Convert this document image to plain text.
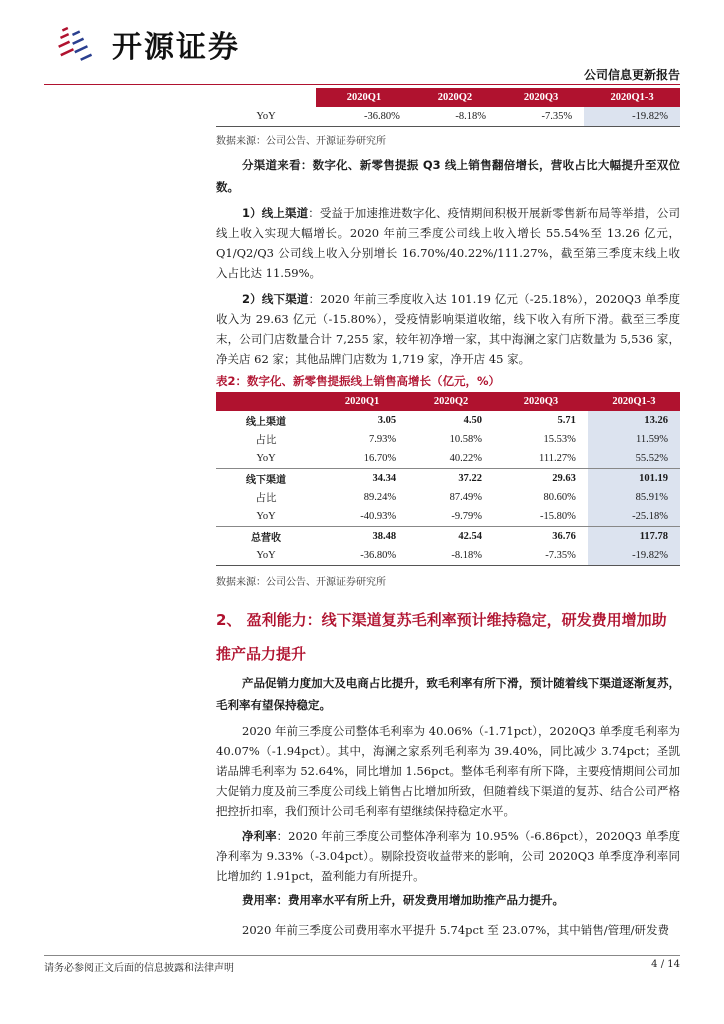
开源证券
公司信息更新报告
	2020Q1	2020Q2	2020Q3	2020Q1-3
YoY	-36.80%	-8.18%	-7.35%	-19.82%
数据来源：公司公告、开源证券研究所
分渠道来看：数字化、新零售提振 Q3 线上销售翻倍增长，营收占比大幅提升至双位数。
1）线上渠道：受益于加速推进数字化、疫情期间积极开展新零售新布局等举措，公司线上收入实现大幅增长。2020 年前三季度公司线上收入增长 55.54%至 13.26 亿元，Q1/Q2/Q3 公司线上收入分别增长 16.70%/40.22%/111.27%，截至第三季度末线上收入占比达 11.59%。
2）线下渠道：2020 年前三季度收入达 101.19 亿元（-25.18%），2020Q3 单季度收入为 29.63 亿元（-15.80%），受疫情影响渠道收缩，线下收入有所下滑。截至三季度末，公司门店数量合计 7,255 家，较年初净增一家，其中海澜之家门店数量为 5,536 家，净关店 62 家；其他品牌门店数为 1,719 家，净开店 45 家。
表2：数字化、新零售提振线上销售高增长（亿元，%）
	2020Q1	2020Q2	2020Q3	2020Q1-3
线上渠道	3.05	4.50	5.71	13.26
占比	7.93%	10.58%	15.53%	11.59%
YoY	16.70%	40.22%	111.27%	55.52%
线下渠道	34.34	37.22	29.63	101.19
占比	89.24%	87.49%	80.60%	85.91%
YoY	-40.93%	-9.79%	-15.80%	-25.18%
总营收	38.48	42.54	36.76	117.78
YoY	-36.80%	-8.18%	-7.35%	-19.82%
数据来源：公司公告、开源证券研究所
2、 盈利能力：线下渠道复苏毛利率预计维持稳定，研发费用增加助推产品力提升
产品促销力度加大及电商占比提升，致毛利率有所下滑，预计随着线下渠道逐渐复苏，毛利率有望保持稳定。
2020 年前三季度公司整体毛利率为 40.06%（-1.71pct），2020Q3 单季度毛利率为 40.07%（-1.94pct）。其中，海澜之家系列毛利率为 39.40%，同比减少 3.74pct；圣凯诺品牌毛利率为 52.64%，同比增加 1.56pct。整体毛利率有所下降，主要疫情期间公司加大促销力度及前三季度公司线上销售占比增加所致，但随着线下渠道的复苏、结合公司严格把控折扣率，我们预计公司毛利率有望继续保持稳定水平。
净利率：2020 年前三季度公司整体净利率为 10.95%（-6.86pct），2020Q3 单季度净利率为 9.33%（-3.04pct）。剔除投资收益带来的影响，公司 2020Q3 单季度净利率同比增加约 1.91pct，盈利能力有所提升。
费用率：费用率水平有所上升，研发费用增加助推产品力提升。
2020 年前三季度公司费用率水平提升 5.74pct 至 23.07%，其中销售/管理/研发费
请务必参阅正文后面的信息披露和法律声明	4 / 14
